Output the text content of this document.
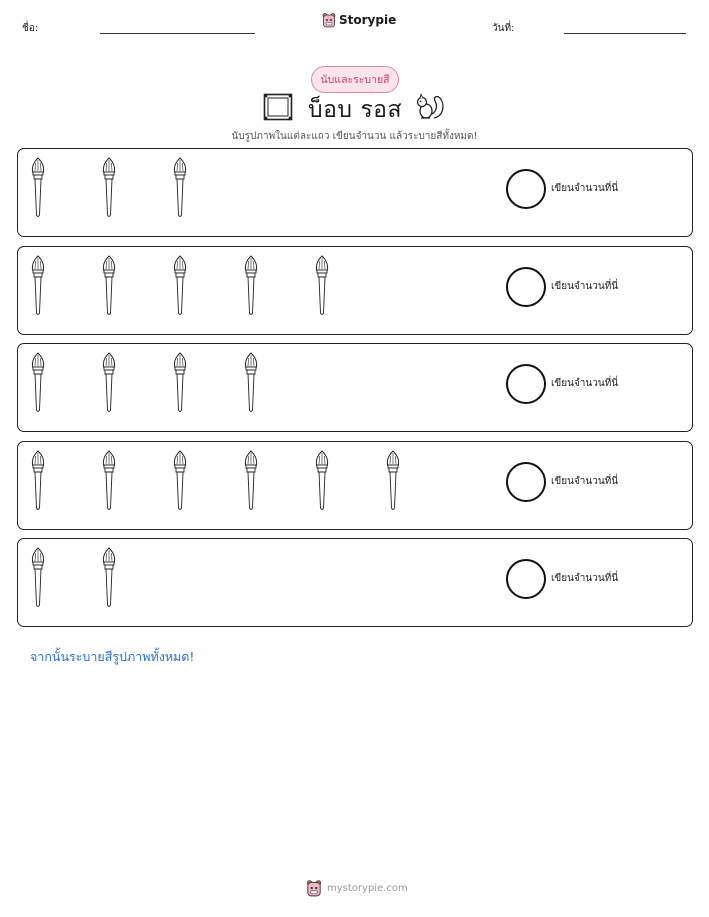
ชื่อ:
Storypie
วันที่:
นับและระบายสี
บ็อบ รอส
นับรูปภาพในแต่ละแถว เขียนจำนวน แล้วระบายสีทั้งหมด!
เขียนจำนวนที่นี่
เขียนจำนวนที่นี่
เขียนจำนวนที่นี่
เขียนจำนวนที่นี่
เขียนจำนวนที่นี่
จากนั้นระบายสีรูปภาพทั้งหมด!
mystorypie.com
